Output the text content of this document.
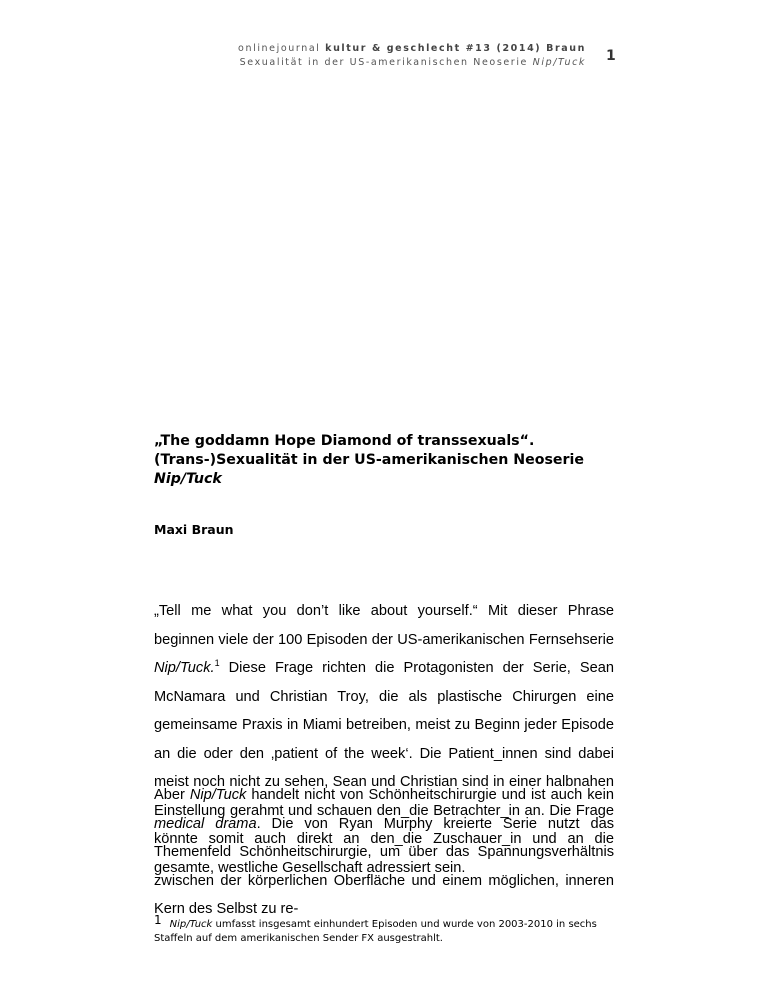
onlinejournal kultur & geschlecht #13 (2014) Braun
Sexualität in der US-amerikanischen Neoserie Nip/Tuck 1
„The goddamn Hope Diamond of transsexuals“.
(Trans-)Sexualität in der US-amerikanischen Neoserie
Nip/Tuck
Maxi Braun

„Tell me what you don’t like about yourself.“ Mit dieser Phrase beginnen viele der 100 Episoden der US-amerikanischen Fernsehserie Nip/Tuck.$^1$ Diese Frage richten die Protagonisten der Serie, Sean McNamara und Christian Troy, die als plastische Chirurgen eine gemeinsame Praxis in Miami betreiben, meist zu Beginn jeder Episode an die oder den ‚patient of the week‘. Die Patient_innen sind dabei meist noch nicht zu sehen, Sean und Christian sind in einer halbnahen Einstellung gerahmt und schauen den_die Betrachter_in an. Die Frage könnte somit auch direkt an den_die Zuschauer_in und an die gesamte, westliche Gesellschaft adressiert sein.

Aber Nip/Tuck handelt nicht von Schönheitschirurgie und ist auch kein medical drama. Die von Ryan Murphy kreierte Serie nutzt das Themenfeld Schönheitschirurgie, um über das Spannungsverhältnis zwischen der körperlichen Oberfläche und einem möglichen, inneren Kern des Selbst zu re-

$^1$ Nip/Tuck umfasst insgesamt einhundert Episoden und wurde von 2003-2010 in sechs Staffeln auf dem amerikanischen Sender FX ausgestrahlt.
